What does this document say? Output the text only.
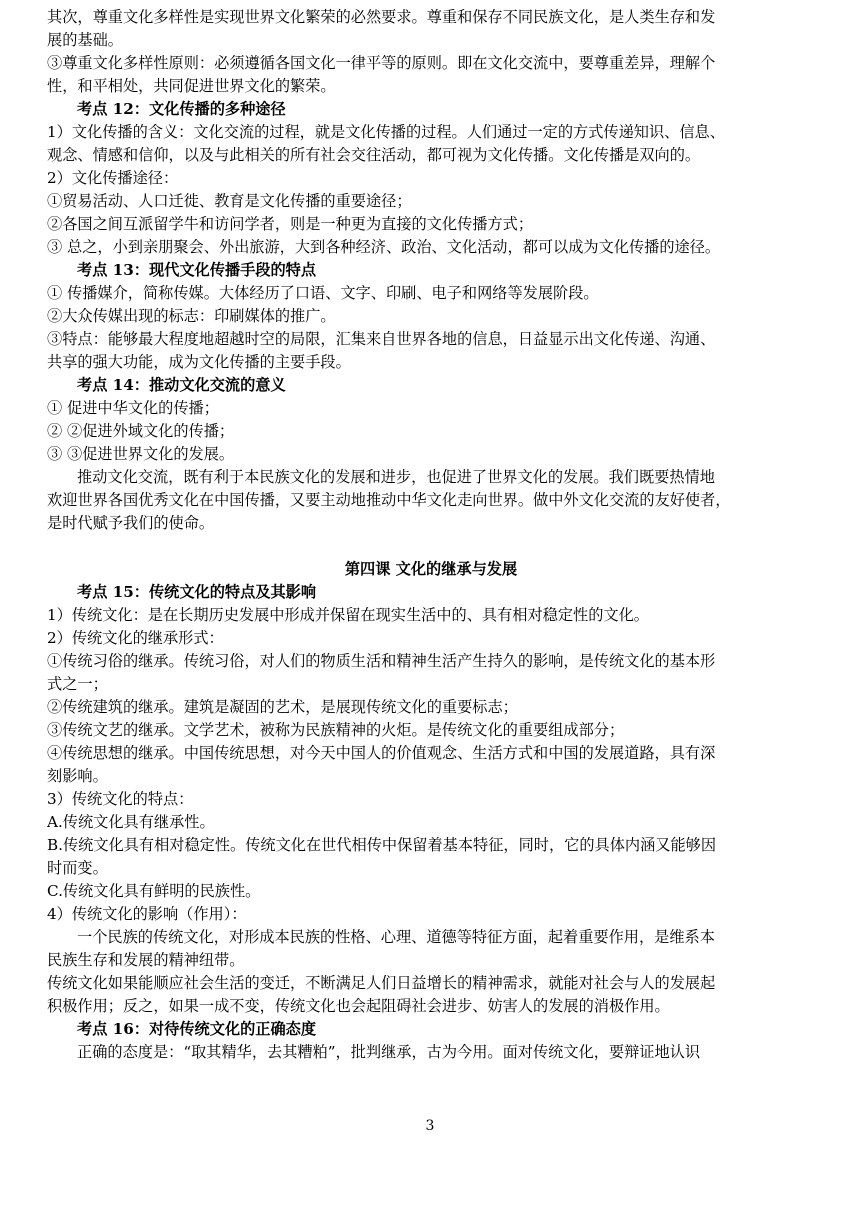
其次，尊重文化多样性是实现世界文化繁荣的必然要求。尊重和保存不同民族文化，是人类生存和发
展的基础。
③尊重文化多样性原则：必须遵循各国文化一律平等的原则。即在文化交流中，要尊重差异，理解个
性，和平相处，共同促进世界文化的繁荣。
考点 12：文化传播的多种途径
1）文化传播的含义：文化交流的过程，就是文化传播的过程。人们通过一定的方式传递知识、信息、
观念、情感和信仰，以及与此相关的所有社会交往活动，都可视为文化传播。文化传播是双向的。
2）文化传播途径：
①贸易活动、人口迁徙、教育是文化传播的重要途径；
②各国之间互派留学牛和访问学者，则是一种更为直接的文化传播方式；
③ 总之，小到亲朋聚会、外出旅游，大到各种经济、政治、文化活动，都可以成为文化传播的途径。
考点 13：现代文化传播手段的特点
① 传播媒介，简称传媒。大体经历了口语、文字、印刷、电子和网络等发展阶段。
②大众传媒出现的标志：印刷媒体的推广。
③特点：能够最大程度地超越时空的局限，汇集来自世界各地的信息，日益显示出文化传递、沟通、
共享的强大功能，成为文化传播的主要手段。
考点 14：推动文化交流的意义
① 促进中华文化的传播；
② ②促进外域文化的传播；
③ ③促进世界文化的发展。
推动文化交流，既有利于本民族文化的发展和进步，也促进了世界文化的发展。我们既要热情地
欢迎世界各国优秀文化在中国传播，又要主动地推动中华文化走向世界。做中外文化交流的友好使者，
是时代赋予我们的使命。
第四课 文化的继承与发展
考点 15：传统文化的特点及其影响
1）传统文化：是在长期历史发展中形成并保留在现实生活中的、具有相对稳定性的文化。
2）传统文化的继承形式：
①传统习俗的继承。传统习俗，对人们的物质生活和精神生活产生持久的影响，是传统文化的基本形
式之一；
②传统建筑的继承。建筑是凝固的艺术，是展现传统文化的重要标志；
③传统文艺的继承。文学艺术，被称为民族精神的火炬。是传统文化的重要组成部分；
④传统思想的继承。中国传统思想，对今天中国人的价值观念、生活方式和中国的发展道路，具有深
刻影响。
3）传统文化的特点：
A.传统文化具有继承性。
B.传统文化具有相对稳定性。传统文化在世代相传中保留着基本特征，同时，它的具体内涵又能够因
时而变。
C.传统文化具有鲜明的民族性。
4）传统文化的影响（作用）：
一个民族的传统文化，对形成本民族的性格、心理、道德等特征方面，起着重要作用，是维系本
民族生存和发展的精神纽带。
传统文化如果能顺应社会生活的变迁，不断满足人们日益增长的精神需求，就能对社会与人的发展起
积极作用；反之，如果一成不变，传统文化也会起阻碍社会进步、妨害人的发展的消极作用。
考点 16：对待传统文化的正确态度
正确的态度是：“取其精华，去其糟粕”，批判继承，古为今用。面对传统文化，要辩证地认识
3
